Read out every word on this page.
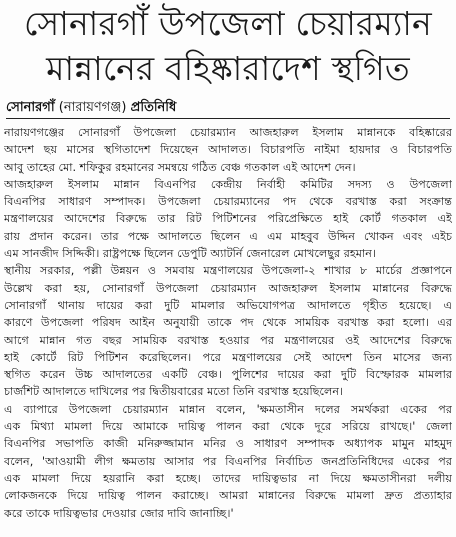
সোনারগাঁ উপজেলা চেয়ারম্যান
মান্নানের বহিষ্কারাদেশ স্থগিত
সোনারগাঁ (নারায়ণগঞ্জ) প্রতিনিধি
নারায়ণগঞ্জের সোনারগাঁ উপজেলা চেয়ারম্যান আজহারুল ইসলাম মান্নানকে বহিষ্কারের
আদেশ ছয় মাসের স্থগিতাদেশ দিয়েছেন আদালত। বিচারপতি নাইমা হায়দার ও বিচারপতি
আবু তাহের মো. শফিকুর রহমানের সমন্বয়ে গঠিত বেঞ্চ গতকাল এই আদেশ দেন।
আজহারুল ইসলাম মান্নান বিএনপির কেন্দ্রীয় নির্বাহী কমিটির সদস্য ও উপজেলা
বিএনপির সাধারণ সম্পাদক। উপজেলা চেয়ারম্যানের পদ থেকে বরখাস্ত করা সংক্রান্ত
মন্ত্রণালয়ের আদেশের বিরুদ্ধে তার রিট পিটিশনের পরিপ্রেক্ষিতে হাই কোর্ট গতকাল এই
রায় প্রদান করেন। তার পক্ষে আদালতে ছিলেন এ এম মাহবুব উদ্দিন খোকন এবং এইচ
এম সানজীদ সিদ্দিকী। রাষ্ট্রপক্ষে ছিলেন ডেপুটি অ্যাটর্নি জেনারেল মোখলেছুর রহমান।
স্থানীয় সরকার, পল্লী উন্নয়ন ও সমবায় মন্ত্রণালয়ের উপজেলা-২ শাখার ৮ মার্চের প্রজ্ঞাপনে
উল্লেখ করা হয়, সোনারগাঁ উপজেলা চেয়ারম্যান আজহারুল ইসলাম মান্নানের বিরুদ্ধে
সোনারগাঁ থানায় দায়ের করা দুটি মামলার অভিযোগপত্র আদালতে গৃহীত হয়েছে। এ
কারণে উপজেলা পরিষদ আইন অনুযায়ী তাকে পদ থেকে সাময়িক বরখাস্ত করা হলো। এর
আগে মান্নান গত বছর সাময়িক বরখাস্ত হওয়ার পর মন্ত্রণালয়ের ওই আদেশের বিরুদ্ধে
হাই কোর্টে রিট পিটিশন করেছিলেন। পরে মন্ত্রণালয়ের সেই আদেশ তিন মাসের জন্য
স্থগিত করেন উচ্চ আদালতের একটি বেঞ্চ। পুলিশের দায়ের করা দুটি বিস্ফোরক মামলার
চার্জশিট আদালতে দাখিলের পর দ্বিতীয়বারের মতো তিনি বরখাস্ত হয়েছিলেন।
এ ব্যাপারে উপজেলা চেয়ারম্যান মান্নান বলেন, 'ক্ষমতাসীন দলের সমর্থকরা একের পর
এক মিথ্যা মামলা দিয়ে আমাকে দায়িত্ব পালন করা থেকে দূরে সরিয়ে রাখছে।' জেলা
বিএনপির সভাপতি কাজী মনিরুজ্জামান মনির ও সাধারণ সম্পাদক অধ্যাপক মামুন মাহমুদ
বলেন, 'আওয়ামী লীগ ক্ষমতায় আসার পর বিএনপির নির্বাচিত জনপ্রতিনিধিদের একের পর
এক মামলা দিয়ে হয়রানি করা হচ্ছে। তাদের দায়িত্বভার না দিয়ে ক্ষমতাসীনরা দলীয়
লোকজনকে দিয়ে দায়িত্ব পালন করাচ্ছে। আমরা মান্নানের বিরুদ্ধে মামলা দ্রুত প্রত্যাহার
করে তাকে দায়িত্বভার দেওয়ার জোর দাবি জানাচ্ছি।'
